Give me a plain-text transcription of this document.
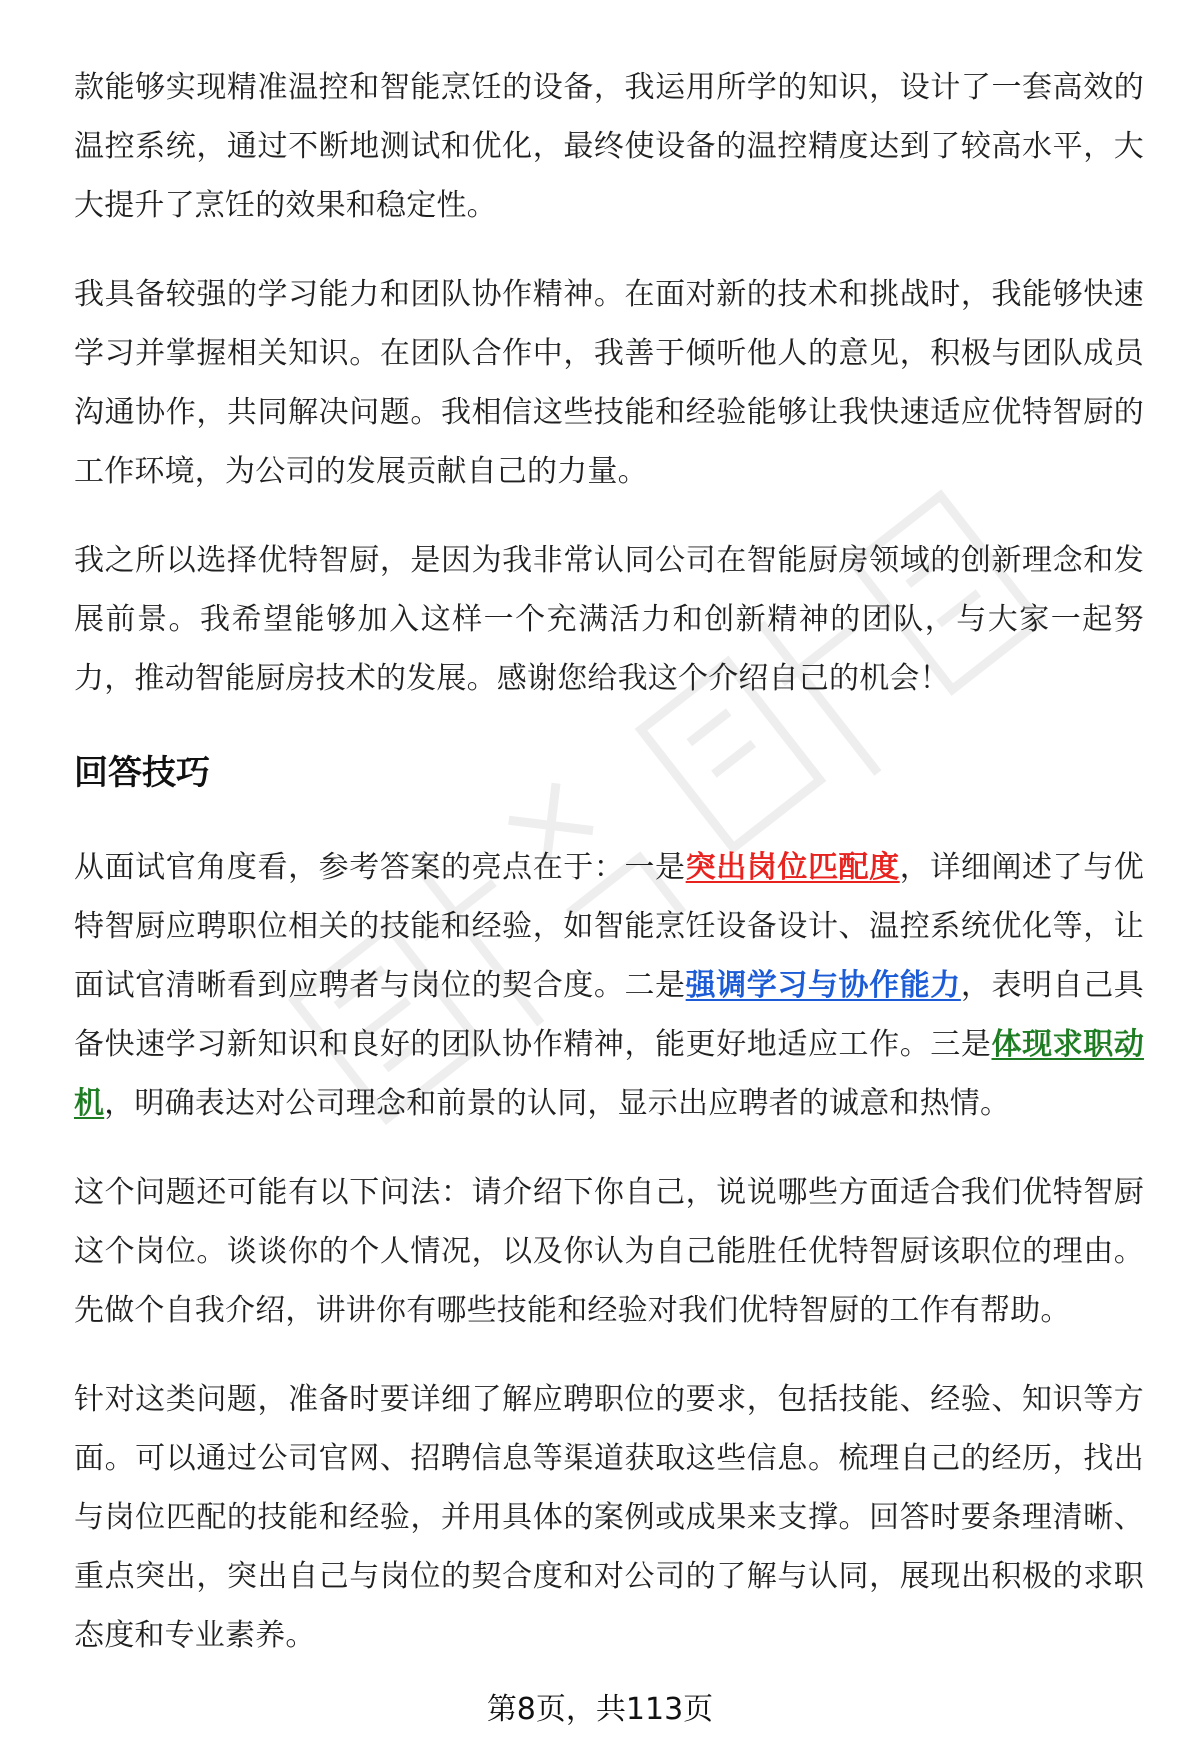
款能够实现精准温控和智能烹饪的设备，我运用所学的知识，设计了一套高效的温控系统，通过不断地测试和优化，最终使设备的温控精度达到了较高水平，大大提升了烹饪的效果和稳定性。

我具备较强的学习能力和团队协作精神。在面对新的技术和挑战时，我能够快速学习并掌握相关知识。在团队合作中，我善于倾听他人的意见，积极与团队成员沟通协作，共同解决问题。我相信这些技能和经验能够让我快速适应优特智厨的工作环境，为公司的发展贡献自己的力量。

我之所以选择优特智厨，是因为我非常认同公司在智能厨房领域的创新理念和发展前景。我希望能够加入这样一个充满活力和创新精神的团队，与大家一起努力，推动智能厨房技术的发展。感谢您给我这个介绍自己的机会！

回答技巧

从面试官角度看，参考答案的亮点在于：一是突出岗位匹配度，详细阐述了与优特智厨应聘职位相关的技能和经验，如智能烹饪设备设计、温控系统优化等，让面试官清晰看到应聘者与岗位的契合度。二是强调学习与协作能力，表明自己具备快速学习新知识和良好的团队协作精神，能更好地适应工作。三是体现求职动机，明确表达对公司理念和前景的认同，显示出应聘者的诚意和热情。

这个问题还可能有以下问法：请介绍下你自己，说说哪些方面适合我们优特智厨这个岗位。谈谈你的个人情况，以及你认为自己能胜任优特智厨该职位的理由。先做个自我介绍，讲讲你有哪些技能和经验对我们优特智厨的工作有帮助。

针对这类问题，准备时要详细了解应聘职位的要求，包括技能、经验、知识等方面。可以通过公司官网、招聘信息等渠道获取这些信息。梳理自己的经历，找出与岗位匹配的技能和经验，并用具体的案例或成果来支撑。回答时要条理清晰、重点突出，突出自己与岗位的契合度和对公司的了解与认同，展现出积极的求职态度和专业素养。

第8页，共113页
